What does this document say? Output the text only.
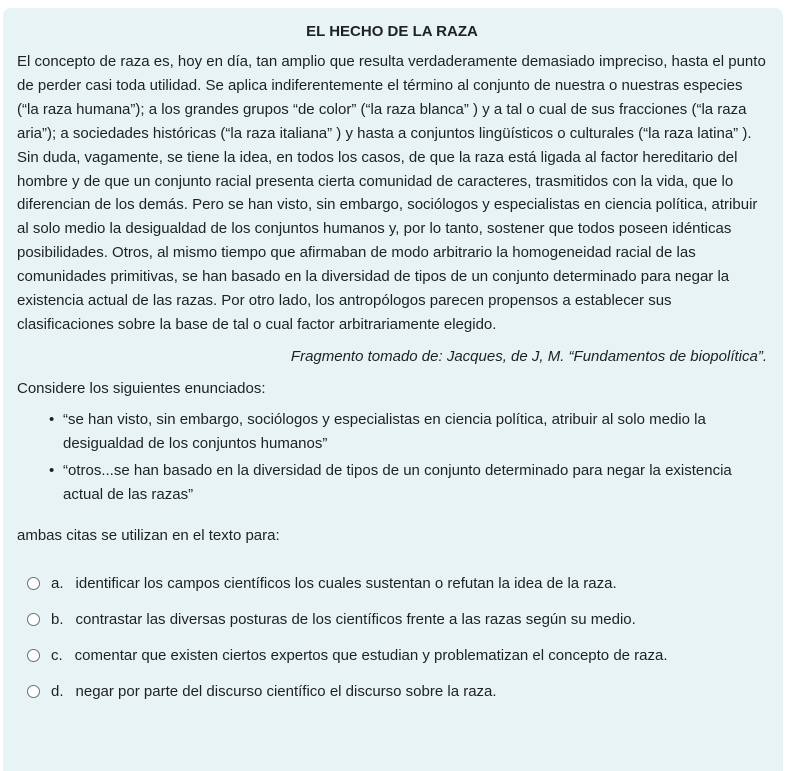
EL HECHO DE LA RAZA

El concepto de raza es, hoy en día, tan amplio que resulta verdaderamente demasiado impreciso, hasta el punto de perder casi toda utilidad. Se aplica indiferentemente el término al conjunto de nuestra o nuestras especies (“la raza humana”); a los grandes grupos “de color” (“la raza blanca” ) y a tal o cual de sus fracciones (“la raza aria”); a sociedades históricas (“la raza italiana” ) y hasta a conjuntos lingüísticos o culturales (“la raza latina” ). Sin duda, vagamente, se tiene la idea, en todos los casos, de que la raza está ligada al factor hereditario del hombre y de que un conjunto racial presenta cierta comunidad de caracteres, trasmitidos con la vida, que lo diferencian de los demás. Pero se han visto, sin embargo, sociólogos y especialistas en ciencia política, atribuir al solo medio la desigualdad de los conjuntos humanos y, por lo tanto, sostener que todos poseen idénticas posibilidades. Otros, al mismo tiempo que afirmaban de modo arbitrario la homogeneidad racial de las comunidades primitivas, se han basado en la diversidad de tipos de un conjunto determinado para negar la existencia actual de las razas. Por otro lado, los antropólogos parecen propensos a establecer sus clasificaciones sobre la base de tal o cual factor arbitrariamente elegido.

Fragmento tomado de: Jacques, de J, M. “Fundamentos de biopolítica”.

Considere los siguientes enunciados:

• “se han visto, sin embargo, sociólogos y especialistas en ciencia política, atribuir al solo medio la desigualdad de los conjuntos humanos”
• “otros...se han basado en la diversidad de tipos de un conjunto determinado para negar la existencia actual de las razas”

ambas citas se utilizan en el texto para:

a. identificar los campos científicos los cuales sustentan o refutan la idea de la raza.
b. contrastar las diversas posturas de los científicos frente a las razas según su medio.
c. comentar que existen ciertos expertos que estudian y problematizan el concepto de raza.
d. negar por parte del discurso científico el discurso sobre la raza.
